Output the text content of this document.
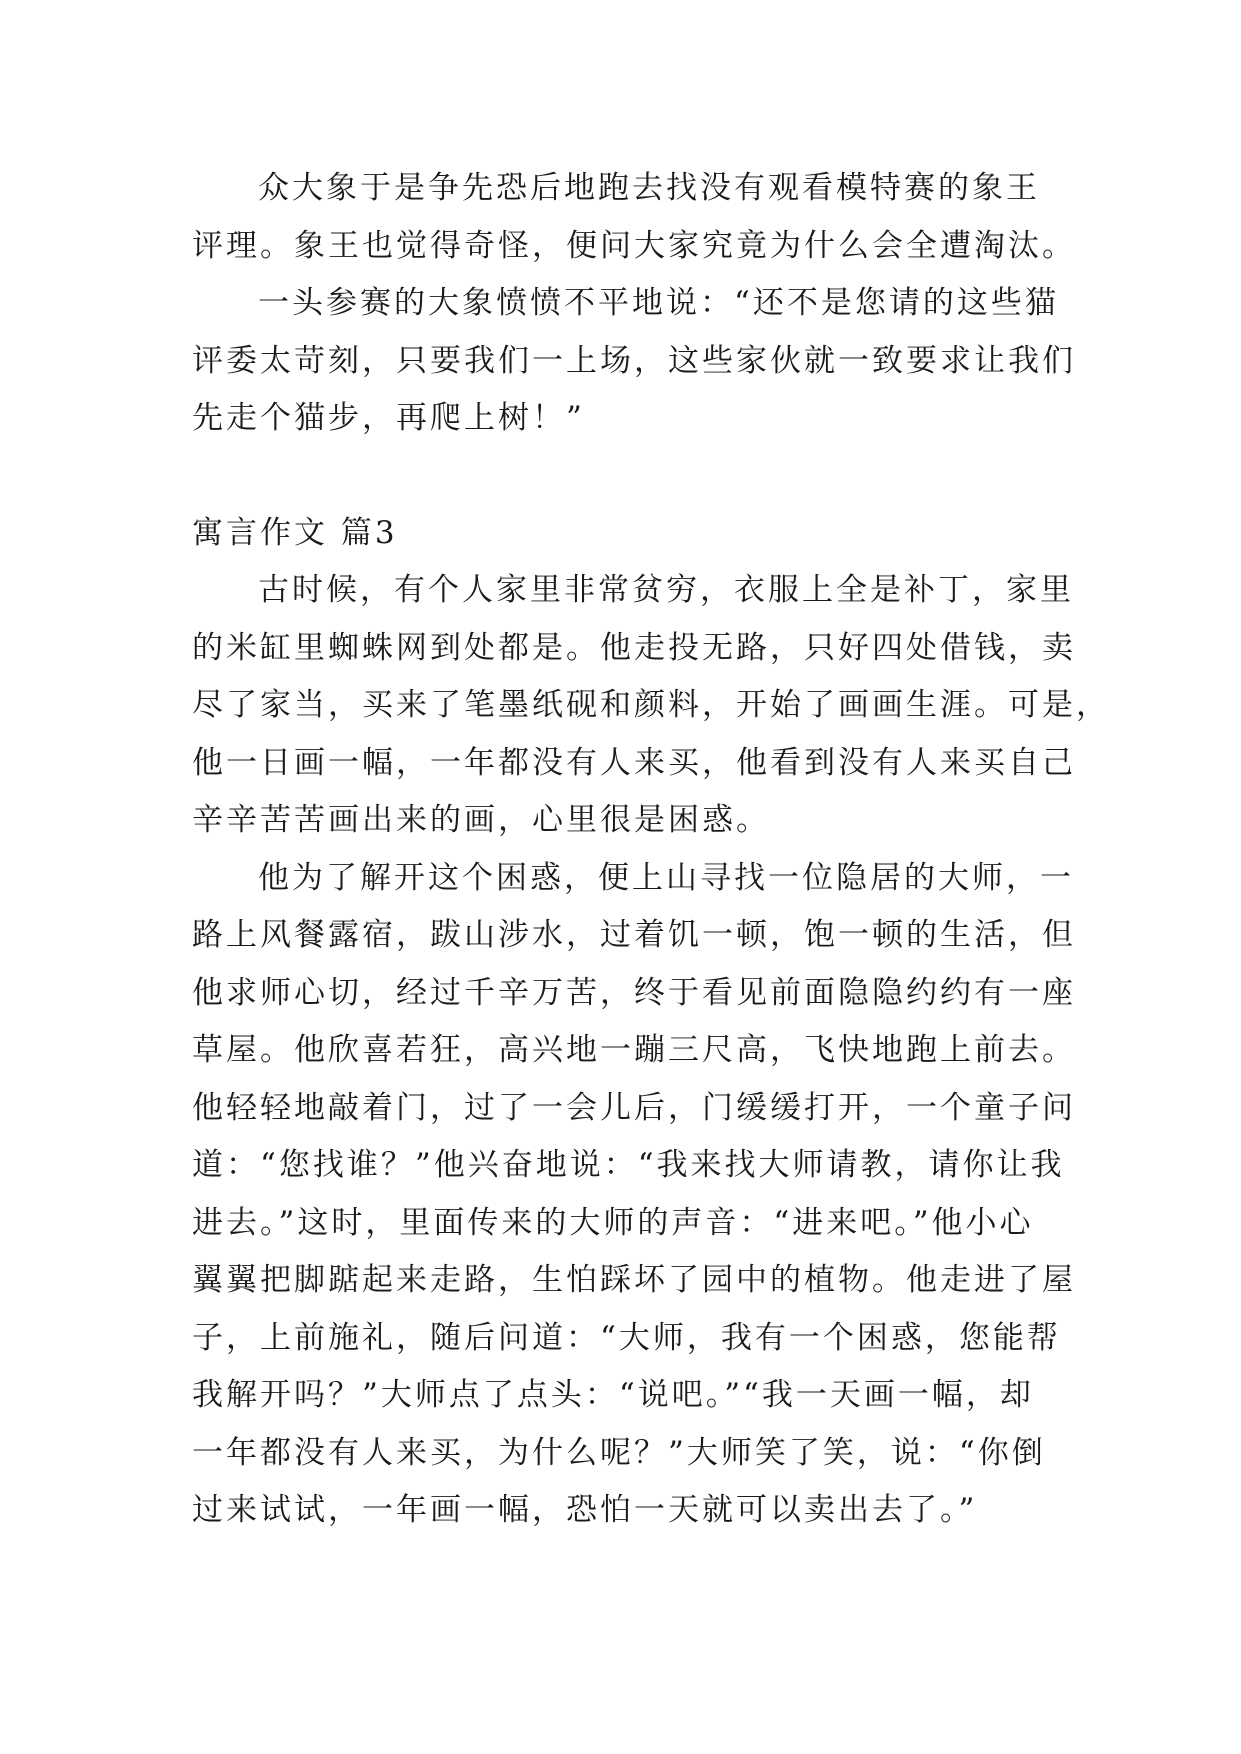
众大象于是争先恐后地跑去找没有观看模特赛的象王
评理。象王也觉得奇怪，便问大家究竟为什么会全遭淘汰。
一头参赛的大象愤愤不平地说：“还不是您请的这些猫
评委太苛刻，只要我们一上场，这些家伙就一致要求让我们
先走个猫步，再爬上树！”
寓言作文 篇3
古时候，有个人家里非常贫穷，衣服上全是补丁，家里
的米缸里蜘蛛网到处都是。他走投无路，只好四处借钱，卖
尽了家当，买来了笔墨纸砚和颜料，开始了画画生涯。可是，
他一日画一幅，一年都没有人来买，他看到没有人来买自己
辛辛苦苦画出来的画，心里很是困惑。
他为了解开这个困惑，便上山寻找一位隐居的大师，一
路上风餐露宿，跋山涉水，过着饥一顿，饱一顿的生活，但
他求师心切，经过千辛万苦，终于看见前面隐隐约约有一座
草屋。他欣喜若狂，高兴地一蹦三尺高，飞快地跑上前去。
他轻轻地敲着门，过了一会儿后，门缓缓打开，一个童子问
道：“您找谁？”他兴奋地说：“我来找大师请教，请你让我
进去。”这时，里面传来的大师的声音：“进来吧。”他小心
翼翼把脚踮起来走路，生怕踩坏了园中的植物。他走进了屋
子，上前施礼，随后问道：“大师，我有一个困惑，您能帮
我解开吗？”大师点了点头：“说吧。”“我一天画一幅，却
一年都没有人来买，为什么呢？”大师笑了笑，说：“你倒
过来试试，一年画一幅，恐怕一天就可以卖出去了。”
